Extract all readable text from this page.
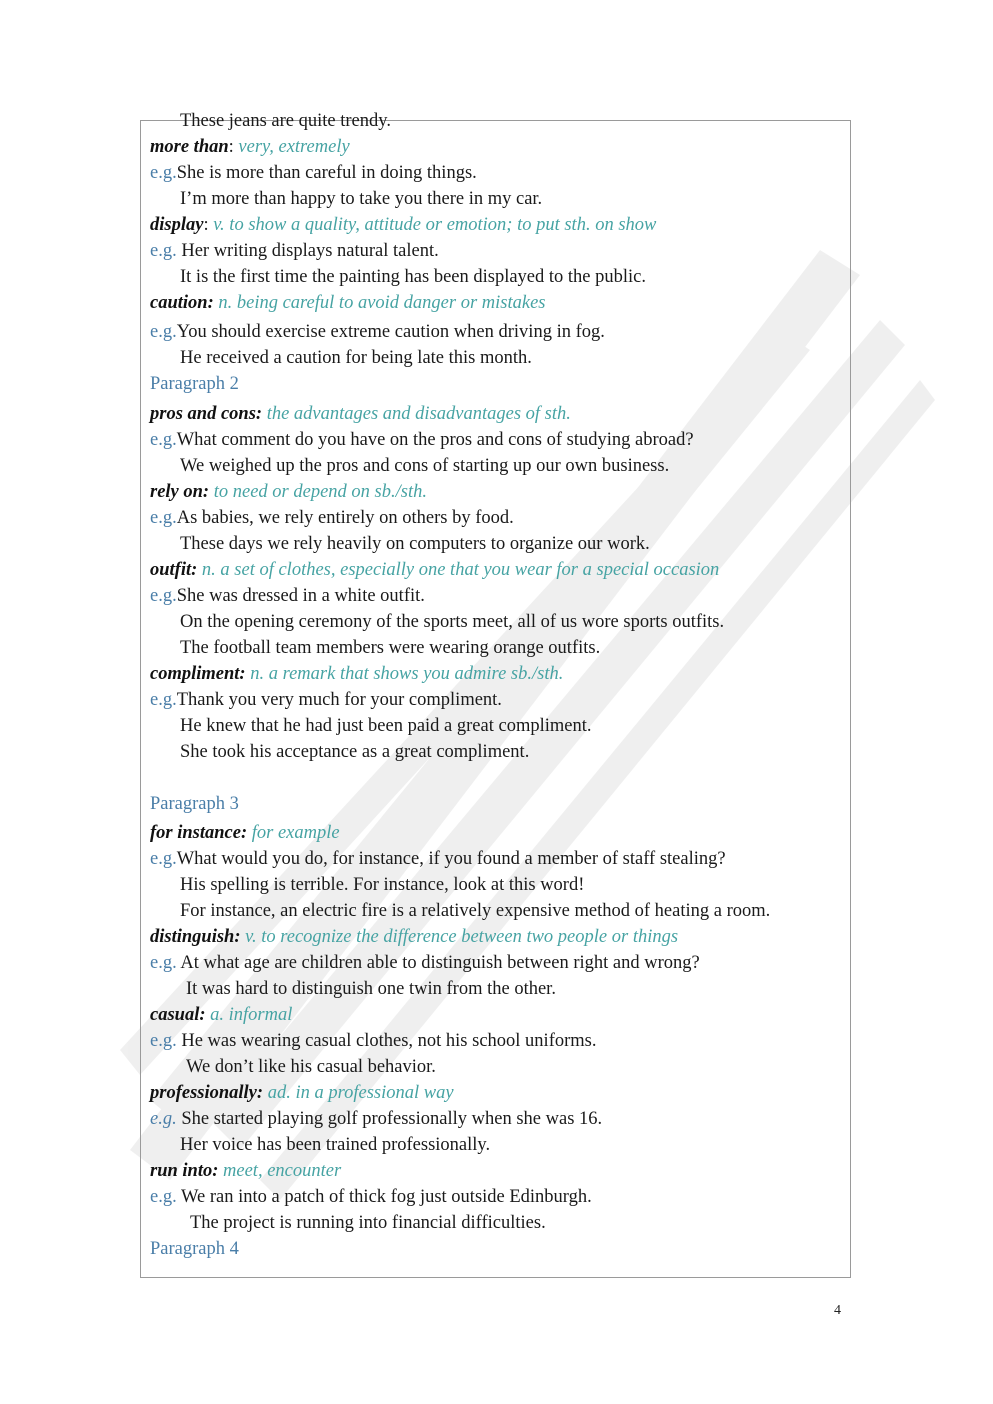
These jeans are quite trendy.
more than: very, extremely
e.g.She is more than careful in doing things.
I’m more than happy to take you there in my car.
display: v. to show a quality, attitude or emotion; to put sth. on show
e.g. Her writing displays natural talent.
It is the first time the painting has been displayed to the public.
caution: n. being careful to avoid danger or mistakes
e.g.You should exercise extreme caution when driving in fog.
He received a caution for being late this month.
Paragraph 2
pros and cons: the advantages and disadvantages of sth.
e.g.What comment do you have on the pros and cons of studying abroad?
We weighed up the pros and cons of starting up our own business.
rely on: to need or depend on sb./sth.
e.g.As babies, we rely entirely on others by food.
These days we rely heavily on computers to organize our work.
outfit: n. a set of clothes, especially one that you wear for a special occasion
e.g.She was dressed in a white outfit.
On the opening ceremony of the sports meet, all of us wore sports outfits.
The football team members were wearing orange outfits.
compliment: n. a remark that shows you admire sb./sth.
e.g.Thank you very much for your compliment.
He knew that he had just been paid a great compliment.
She took his acceptance as a great compliment.
Paragraph 3
for instance: for example
e.g.What would you do, for instance, if you found a member of staff stealing?
His spelling is terrible. For instance, look at this word!
For instance, an electric fire is a relatively expensive method of heating a room.
distinguish: v. to recognize the difference between two people or things
e.g. At what age are children able to distinguish between right and wrong?
It was hard to distinguish one twin from the other.
casual: a. informal
e.g. He was wearing casual clothes, not his school uniforms.
We don’t like his casual behavior.
professionally: ad. in a professional way
e.g. She started playing golf professionally when she was 16.
Her voice has been trained professionally.
run into: meet, encounter
e.g. We ran into a patch of thick fog just outside Edinburgh.
The project is running into financial difficulties.
Paragraph 4
4
